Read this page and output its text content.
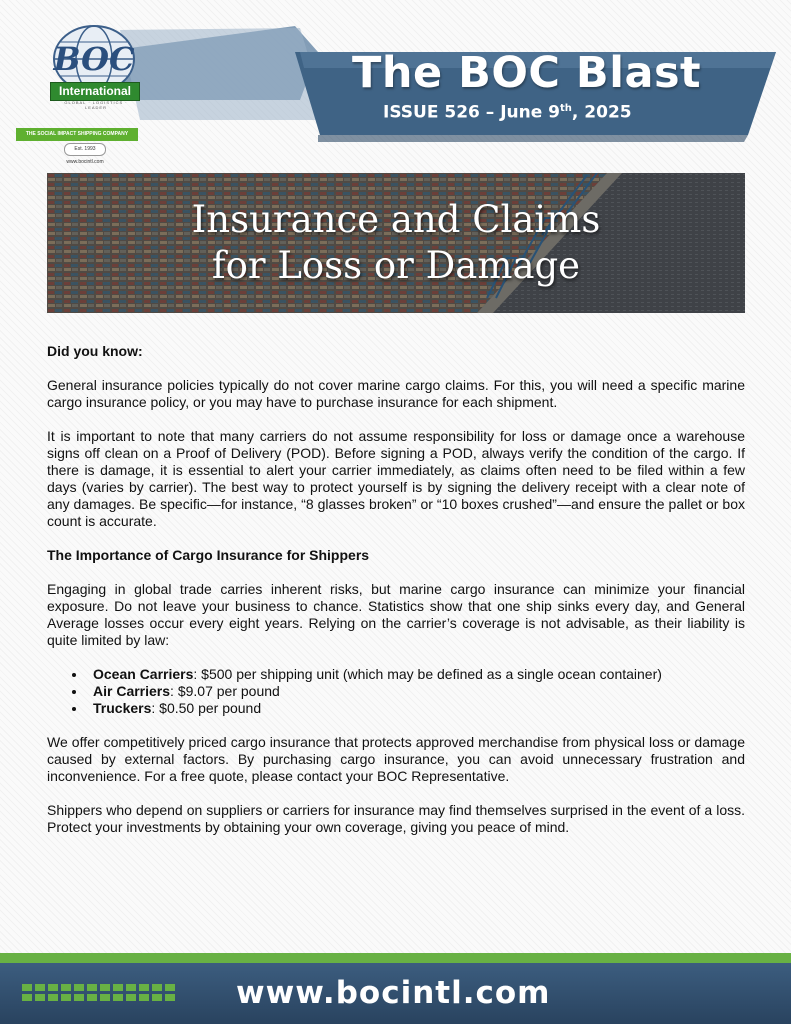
BOC
International
GLOBAL · LOGISTICS · LEADER
THE SOCIAL IMPACT SHIPPING COMPANY
Est. 1993
www.bocintl.com
The BOC Blast
ISSUE 526 – June 9th, 2025
Insurance and Claims
for Loss or Damage

Did you know:

General insurance policies typically do not cover marine cargo claims. For this, you will need a specific marine cargo insurance policy, or you may have to purchase insurance for each shipment.

It is important to note that many carriers do not assume responsibility for loss or damage once a warehouse signs off clean on a Proof of Delivery (POD). Before signing a POD, always verify the condition of the cargo. If there is damage, it is essential to alert your carrier immediately, as claims often need to be filed within a few days (varies by carrier). The best way to protect yourself is by signing the delivery receipt with a clear note of any damages. Be specific—for instance, “8 glasses broken” or “10 boxes crushed”—and ensure the pallet or box count is accurate.

The Importance of Cargo Insurance for Shippers

Engaging in global trade carries inherent risks, but marine cargo insurance can minimize your financial exposure. Do not leave your business to chance. Statistics show that one ship sinks every day, and General Average losses occur every eight years. Relying on the carrier’s coverage is not advisable, as their liability is quite limited by law:

Ocean Carriers: $500 per shipping unit (which may be defined as a single ocean container)
Air Carriers: $9.07 per pound
Truckers: $0.50 per pound

We offer competitively priced cargo insurance that protects approved merchandise from physical loss or damage caused by external factors. By purchasing cargo insurance, you can avoid unnecessary frustration and inconvenience. For a free quote, please contact your BOC Representative.

Shippers who depend on suppliers or carriers for insurance may find themselves surprised in the event of a loss. Protect your investments by obtaining your own coverage, giving you peace of mind.

www.bocintl.com
